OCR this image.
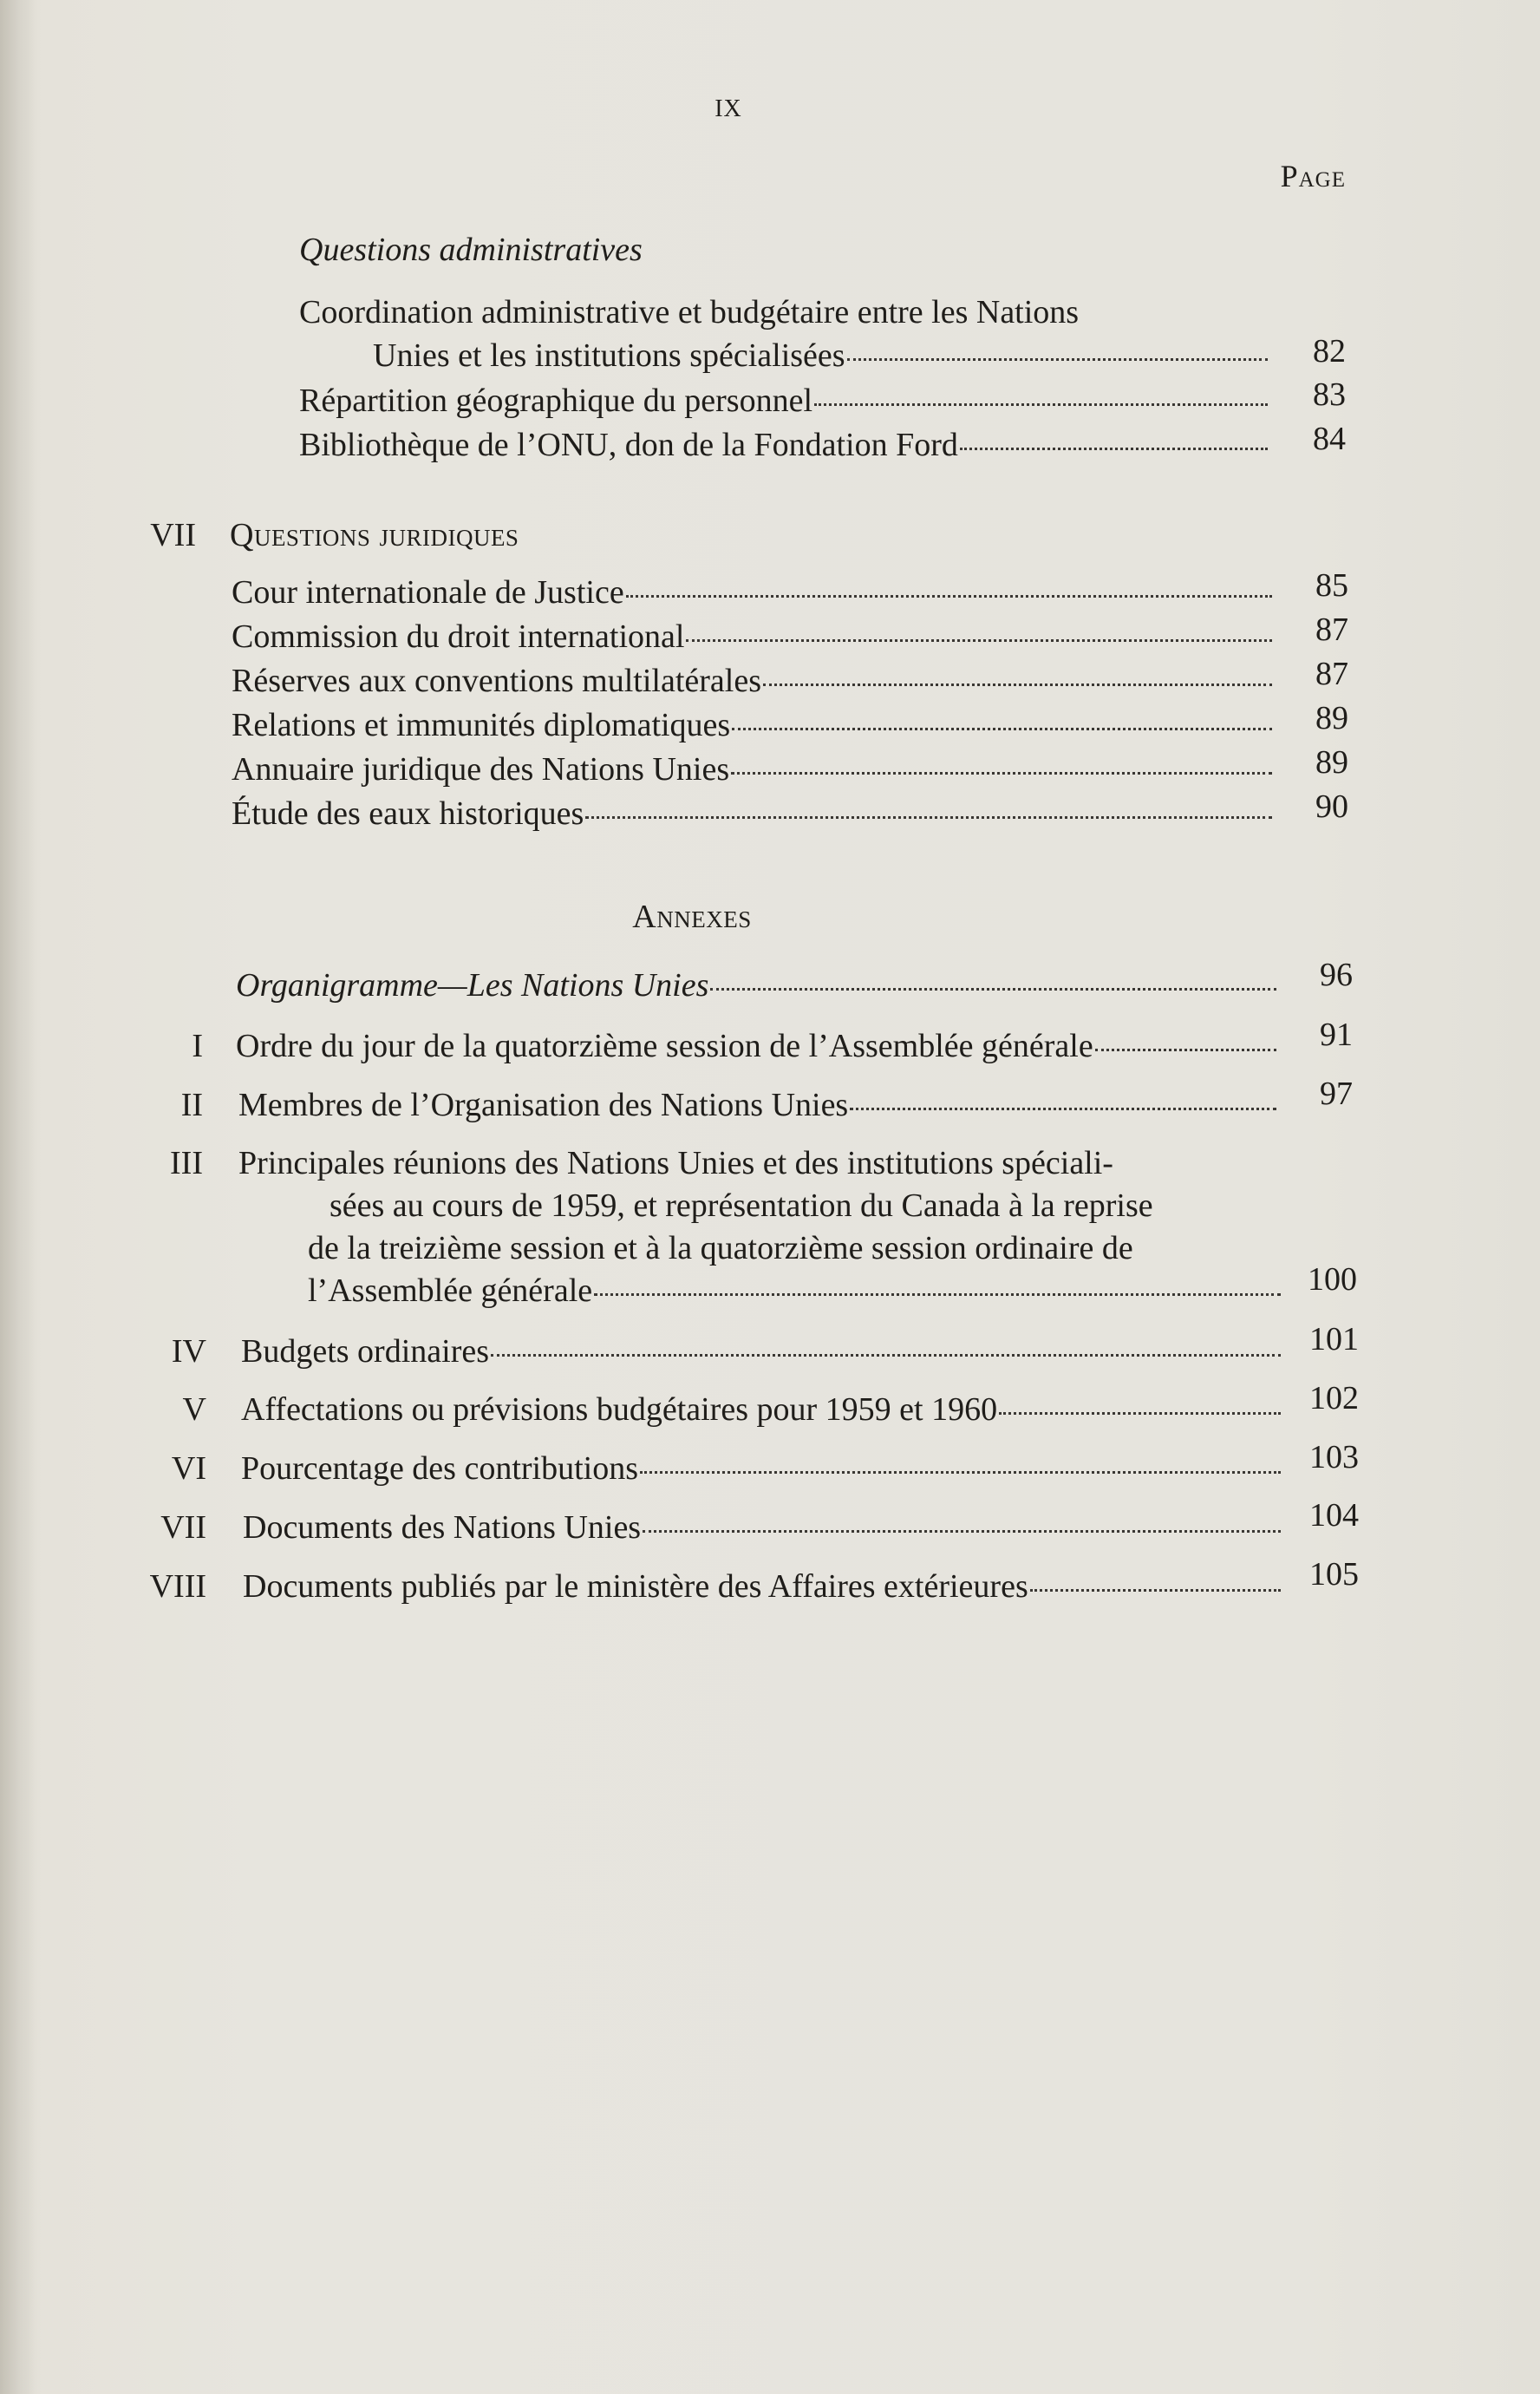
IX
Page
Questions administratives
Coordination administrative et budgétaire entre les Nations
Unies et les institutions spécialisées	82
Répartition géographique du personnel	83
Bibliothèque de l’ONU, don de la Fondation Ford	84
VII Questions juridiques
Cour internationale de Justice	85
Commission du droit international	87
Réserves aux conventions multilatérales	87
Relations et immunités diplomatiques	89
Annuaire juridique des Nations Unies	89
Étude des eaux historiques	90
Annexes
Organigramme—Les Nations Unies	96
I Ordre du jour de la quatorzième session de l’Assemblée générale	91
II Membres de l’Organisation des Nations Unies	97
III Principales réunions des Nations Unies et des institutions spéciali-
sées au cours de 1959, et représentation du Canada à la reprise
de la treizième session et à la quatorzième session ordinaire de
l’Assemblée générale	100
IV Budgets ordinaires	101
V Affectations ou prévisions budgétaires pour 1959 et 1960	102
VI Pourcentage des contributions	103
VII Documents des Nations Unies	104
VIII Documents publiés par le ministère des Affaires extérieures	105
